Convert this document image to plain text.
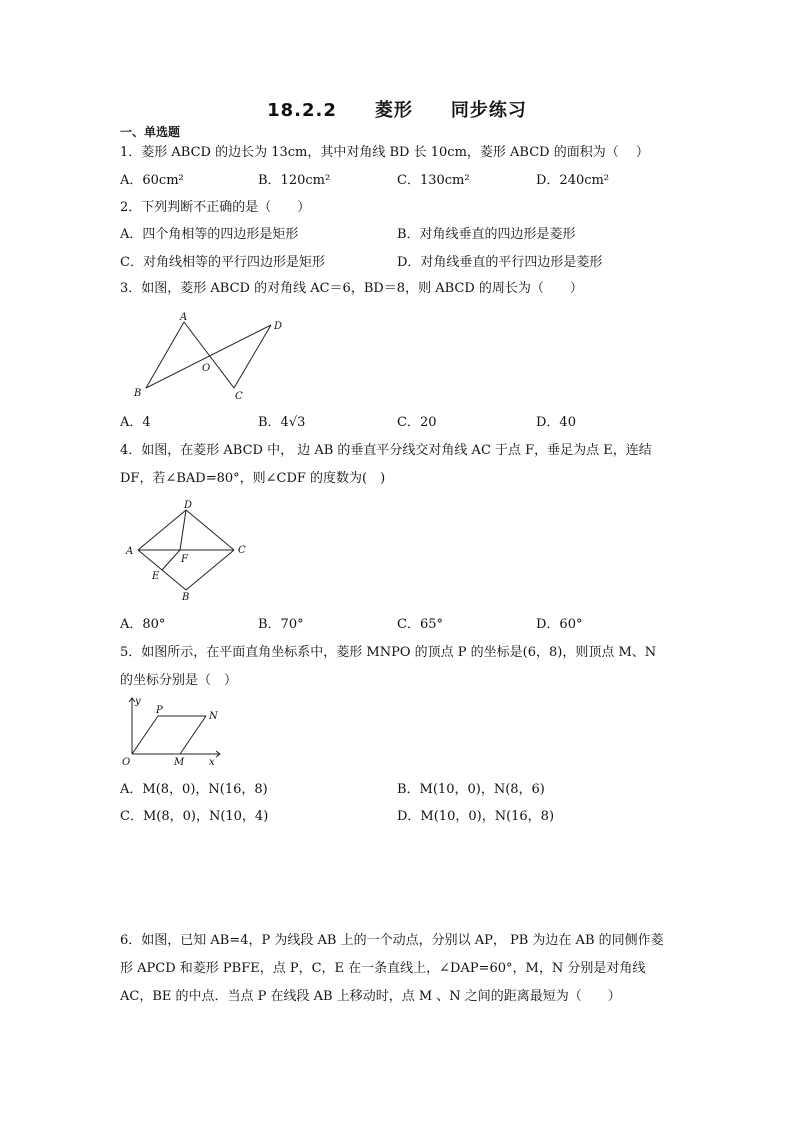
18.2.2　　菱形　　同步练习
一、单选题
1．菱形 ABCD 的边长为 13cm，其中对角线 BD 长 10cm，菱形 ABCD 的面积为（　 ）
A．60cm²	B．120cm²	C．130cm²	D．240cm²
2．下列判断不正确的是（　　）
A．四个角相等的四边形是矩形	B．对角线垂直的四边形是菱形
C．对角线相等的平行四边形是矩形	D．对角线垂直的平行四边形是菱形
3．如图，菱形 ABCD 的对角线 AC＝6，BD＝8，则 ABCD 的周长为（　　）
A
D
O
B	C
A．4	B．4√3	C．20	D．40
4．如图，在菱形 ABCD 中， 边 AB 的垂直平分线交对角线 AC 于点 F，垂足为点 E，连结
DF，若∠BAD=80°，则∠CDF 的度数为(　)
D
A	C
F
E
B
A．80°	B．70°	C．65°	D．60°
5．如图所示，在平面直角坐标系中，菱形 MNPO 的顶点 P 的坐标是(6，8)，则顶点 M、N
的坐标分别是（　）
y
P
N
O	M x
A．M(8，0)，N(16，8)	B．M(10，0)，N(8，6)
C．M(8，0)，N(10，4)	D．M(10，0)，N(16，8)
6．如图，已知 AB=4，P 为线段 AB 上的一个动点，分别以 AP， PB 为边在 AB 的同侧作菱
形 APCD 和菱形 PBFE，点 P，C，E 在一条直线上，∠DAP=60°，M，N 分别是对角线
AC，BE 的中点．当点 P 在线段 AB 上移动时，点 M 、N 之间的距离最短为（　　）
